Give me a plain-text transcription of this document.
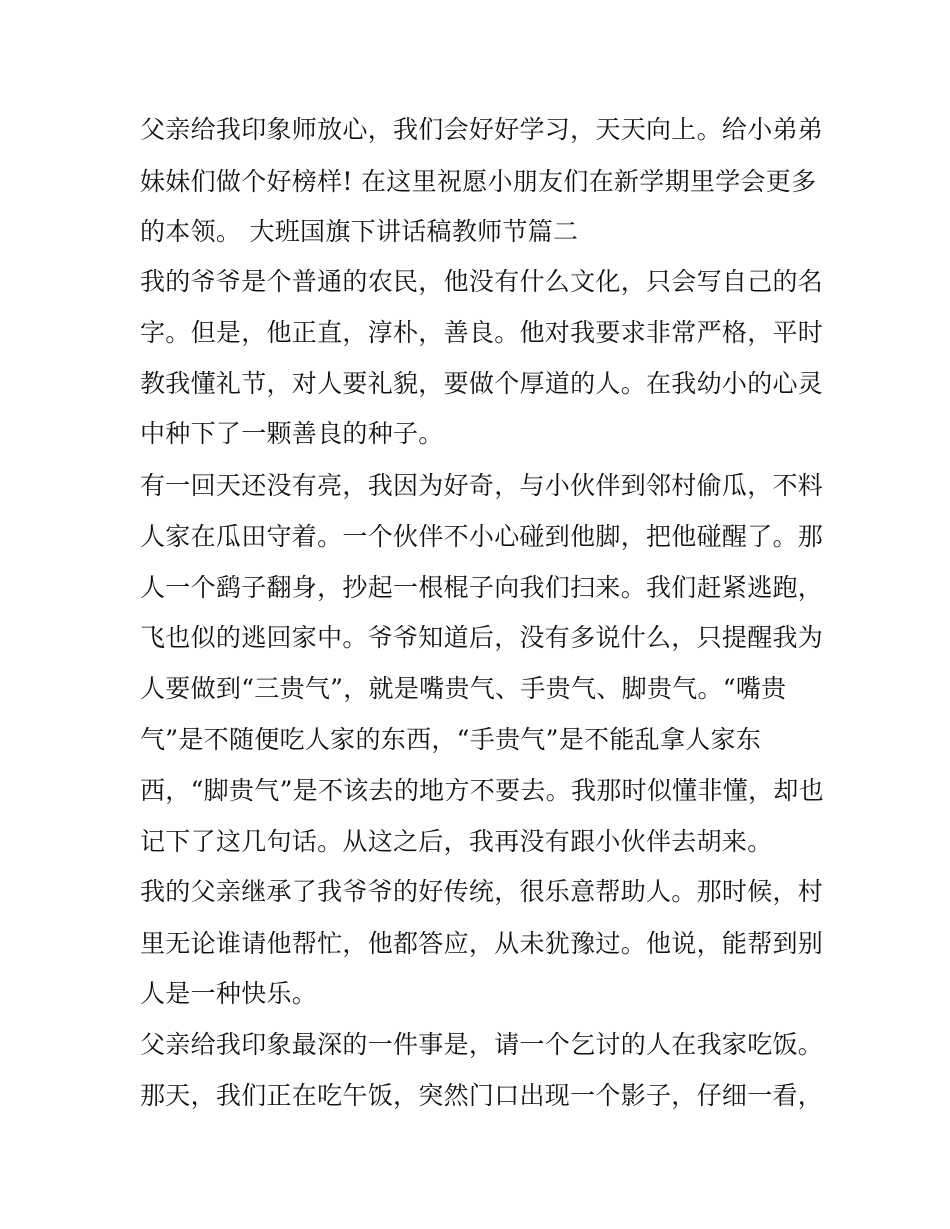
父亲给我印象师放心，我们会好好学习，天天向上。给小弟弟
妹妹们做个好榜样! 在这里祝愿小朋友们在新学期里学会更多
的本领。 大班国旗下讲话稿教师节篇二
我的爷爷是个普通的农民，他没有什么文化，只会写自己的名
字。但是，他正直，淳朴，善良。他对我要求非常严格，平时
教我懂礼节，对人要礼貌，要做个厚道的人。在我幼小的心灵
中种下了一颗善良的种子。
有一回天还没有亮，我因为好奇，与小伙伴到邻村偷瓜，不料
人家在瓜田守着。一个伙伴不小心碰到他脚，把他碰醒了。那
人一个鹞子翻身，抄起一根棍子向我们扫来。我们赶紧逃跑，
飞也似的逃回家中。爷爷知道后，没有多说什么，只提醒我为
人要做到“三贵气”，就是嘴贵气、手贵气、脚贵气。“嘴贵
气”是不随便吃人家的东西，“手贵气”是不能乱拿人家东
西，“脚贵气”是不该去的地方不要去。我那时似懂非懂，却也
记下了这几句话。从这之后，我再没有跟小伙伴去胡来。
我的父亲继承了我爷爷的好传统，很乐意帮助人。那时候，村
里无论谁请他帮忙，他都答应，从未犹豫过。他说，能帮到别
人是一种快乐。
父亲给我印象最深的一件事是，请一个乞讨的人在我家吃饭。
那天，我们正在吃午饭，突然门口出现一个影子，仔细一看，
